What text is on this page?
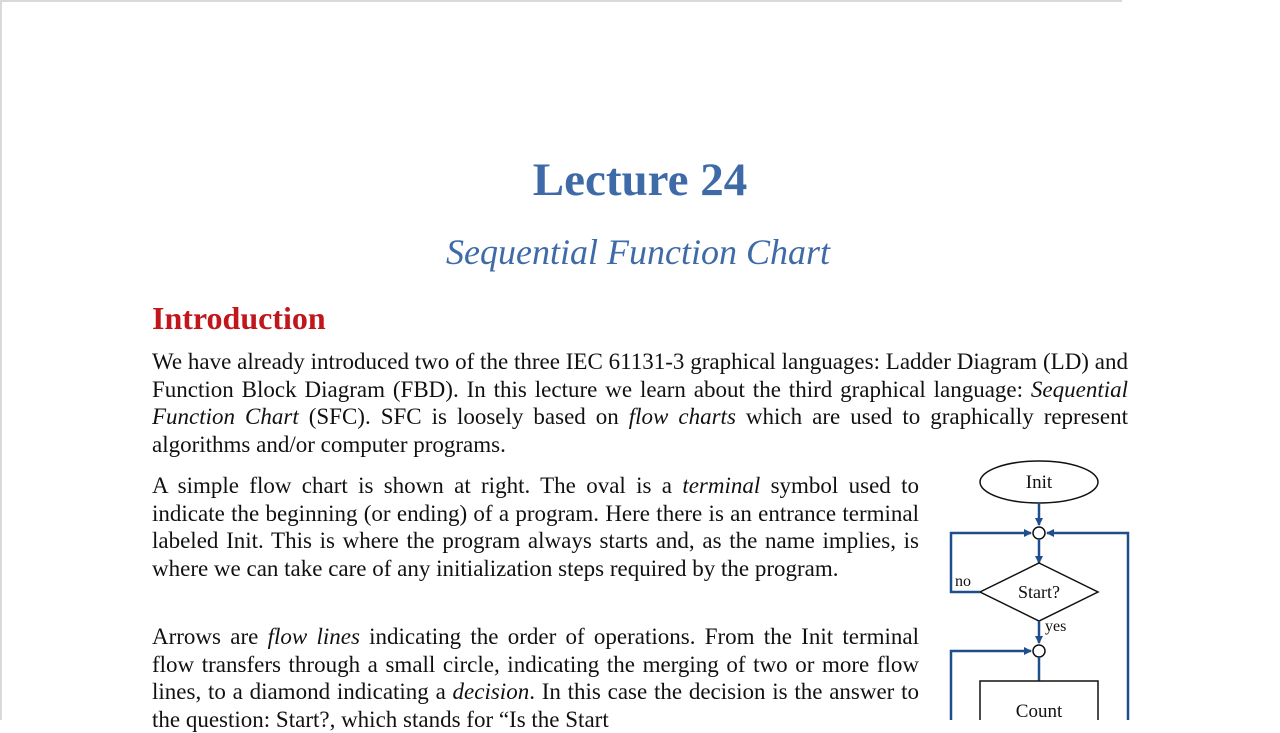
Lecture 24
Sequential Function Chart
Introduction

We have already introduced two of the three IEC 61131-3 graphical languages: Ladder Diagram (LD) and Function Block Diagram (FBD). In this lecture we learn about the third graphical language: Sequential Function Chart (SFC). SFC is loosely based on flow charts which are used to graphically represent algorithms and/or computer programs.

A simple flow chart is shown at right. The oval is a terminal symbol used to indicate the beginning (or ending) of a program. Here there is an entrance terminal labeled Init. This is where the program always starts and, as the name implies, is where we can take care of any initialization steps required by the program.

Arrows are flow lines indicating the order of operations. From the Init terminal flow transfers through a small circle, indicating the merging of two or more flow lines, to a diamond indicating a decision. In this case the decision is the answer to the question: Start?, which stands for “Is the Start

Init
Start?
no
yes
Count
